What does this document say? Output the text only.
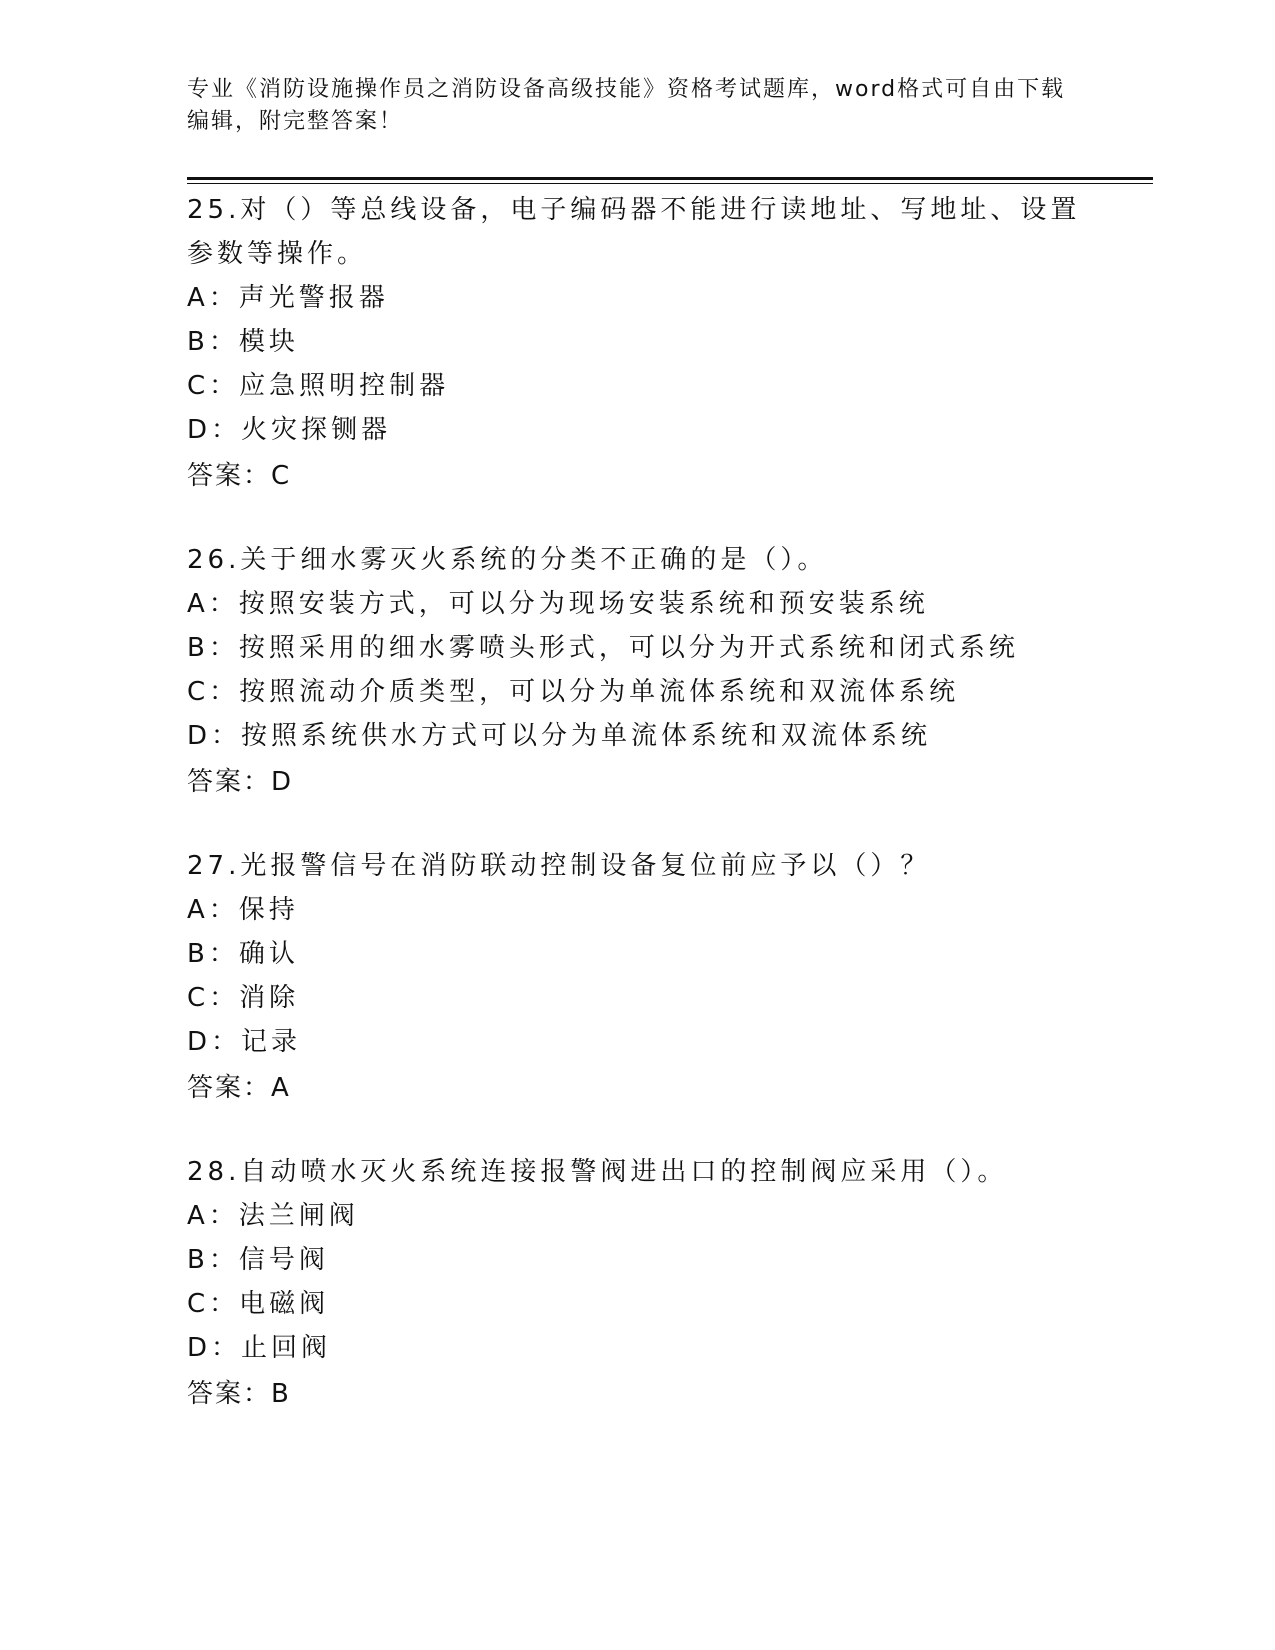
专业《消防设施操作员之消防设备高级技能》资格考试题库，word格式可自由下载编辑，附完整答案！
25.对（）等总线设备，电子编码器不能进行读地址、写地址、设置参数等操作。
A：声光警报器
B：模块
C：应急照明控制器
D：火灾探铡器
答案：C
26.关于细水雾灭火系统的分类不正确的是（）。
A：按照安装方式，可以分为现场安装系统和预安装系统
B：按照采用的细水雾喷头形式，可以分为开式系统和闭式系统
C：按照流动介质类型，可以分为单流体系统和双流体系统
D：按照系统供水方式可以分为单流体系统和双流体系统
答案：D
27.光报警信号在消防联动控制设备复位前应予以（）？
A：保持
B：确认
C：消除
D：记录
答案：A
28.自动喷水灭火系统连接报警阀进出口的控制阀应采用（）。
A：法兰闸阀
B：信号阀
C：电磁阀
D：止回阀
答案：B
